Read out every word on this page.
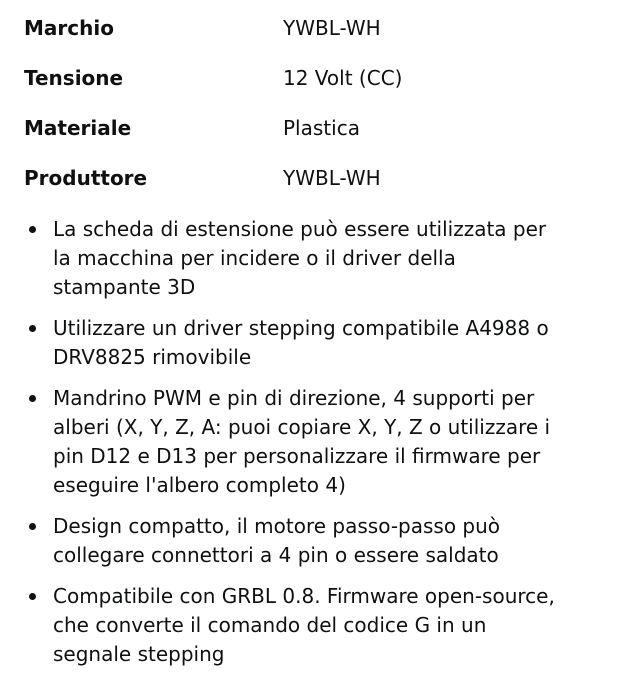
Marchio	YWBL-WH
Tensione	12 Volt (CC)
Materiale	Plastica
Produttore	YWBL-WH
La scheda di estensione può essere utilizzata per
la macchina per incidere o il driver della
stampante 3D
Utilizzare un driver stepping compatibile A4988 o
DRV8825 rimovibile
Mandrino PWM e pin di direzione, 4 supporti per
alberi (X, Y, Z, A: puoi copiare X, Y, Z o utilizzare i
pin D12 e D13 per personalizzare il firmware per
eseguire l'albero completo 4)
Design compatto, il motore passo-passo può
collegare connettori a 4 pin o essere saldato
Compatibile con GRBL 0.8. Firmware open-source,
che converte il comando del codice G in un
segnale stepping
